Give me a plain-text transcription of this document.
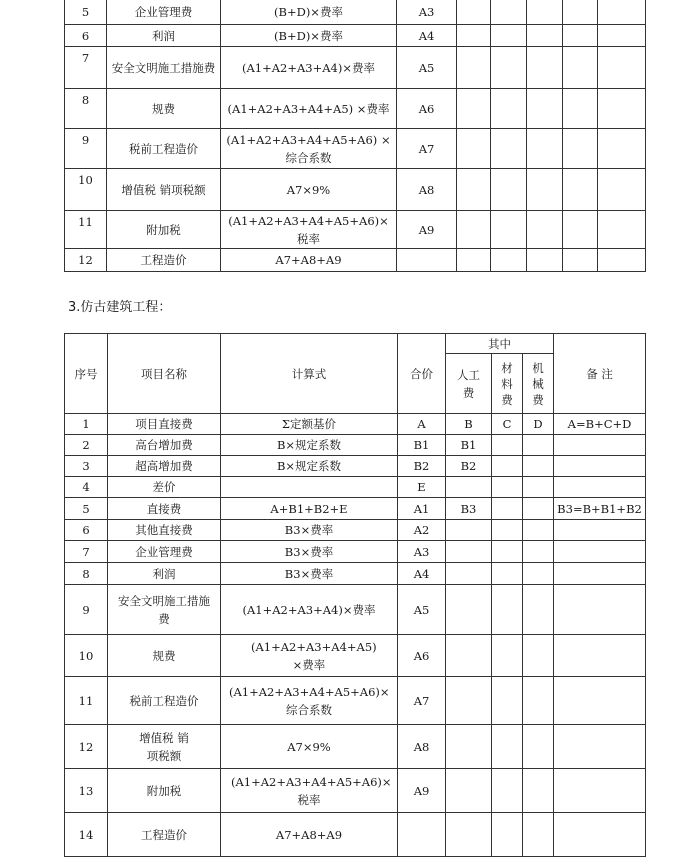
5	企业管理费	(B+D)×费率	A3					
6	利润	(B+D)×费率	A4					
7	安全文明施工措施费	(A1+A2+A3+A4)×费率	A5					
8	规费	(A1+A2+A3+A4+A5) ×费率	A6					
9	税前工程造价	(A1+A2+A3+A4+A5+A6) ×综合系数	A7					
10	增值税 销项税额	A7×9%	A8					
11	附加税	(A1+A2+A3+A4+A5+A6)×税率	A9					
12	工程造价	A7+A8+A9						
3.仿古建筑工程：
序号	项目名称	计算式	合价	其中			备 注

				人工费	材料费	机械费	

1	项目直接费	Σ定额基价	A	B	C	D	A=B+C+D
2	高台增加费	B×规定系数	B1	B1			
3	超高增加费	B×规定系数	B2	B2			
4	差价		E				
5	直接费	A+B1+B2+E	A1	B3			B3=B+B1+B2
6	其他直接费	B3×费率	A2				
7	企业管理费	B3×费率	A3				
8	利润	B3×费率	A4				
9	安全文明施工措施费	(A1+A2+A3+A4)×费率	A5				
10	规费	(A1+A2+A3+A4+A5) ×费率	A6				
11	税前工程造价	(A1+A2+A3+A4+A5+A6)×综合系数	A7				
12	增值税 销项税额	A7×9%	A8				
13	附加税	(A1+A2+A3+A4+A5+A6)×税率	A9				
14	工程造价	A7+A8+A9					
